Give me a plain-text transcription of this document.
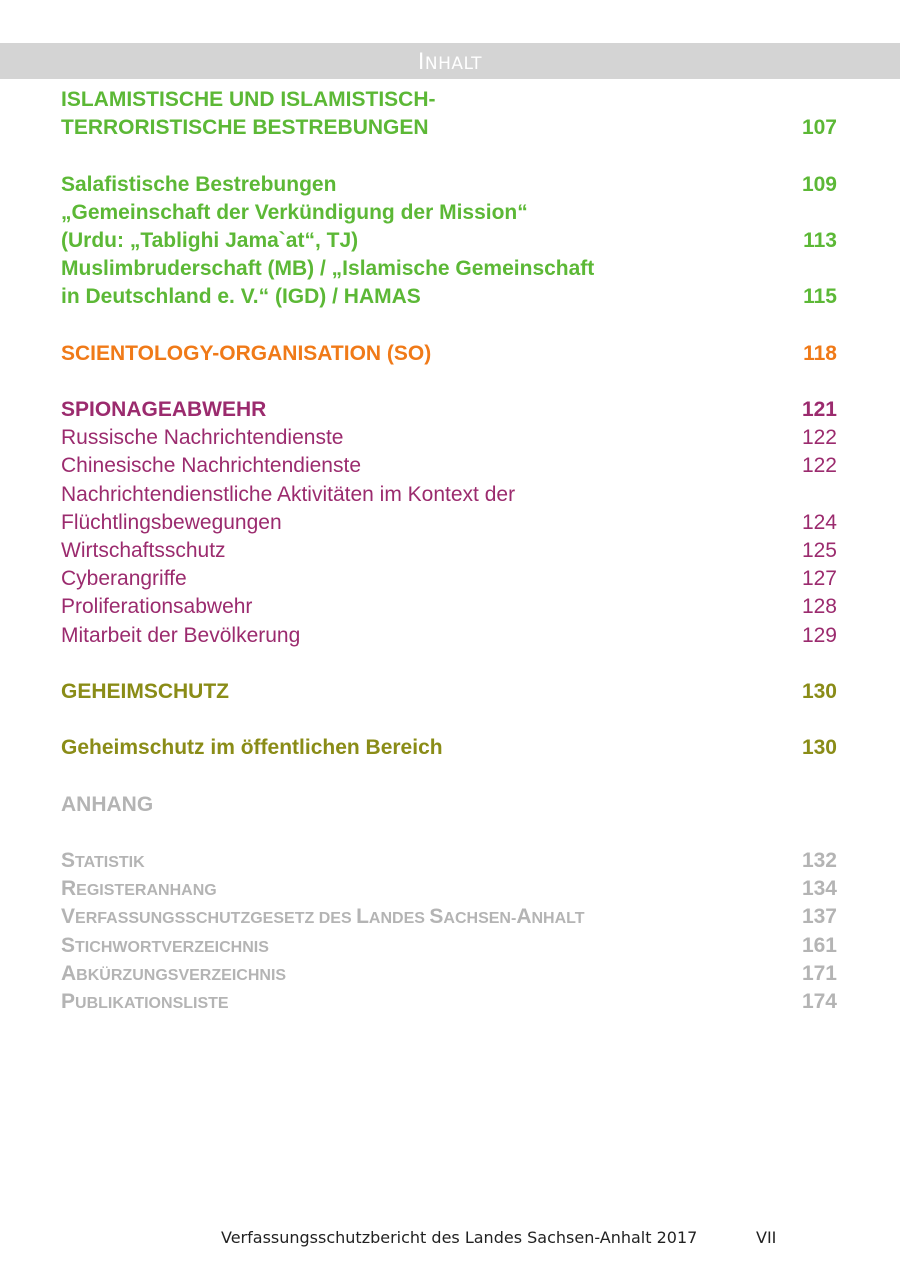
INHALT
ISLAMISTISCHE UND ISLAMISTISCH-
TERRORISTISCHE BESTREBUNGEN	107
Salafistische Bestrebungen	109
„Gemeinschaft der Verkündigung der Mission“
(Urdu: „Tablighi Jama`at“, TJ)	113
Muslimbruderschaft (MB) / „Islamische Gemeinschaft
in Deutschland e. V.“ (IGD) / HAMAS	115
SCIENTOLOGY-ORGANISATION (SO)	118
SPIONAGEABWEHR	121
Russische Nachrichtendienste	122
Chinesische Nachrichtendienste	122
Nachrichtendienstliche Aktivitäten im Kontext der
Flüchtlingsbewegungen	124
Wirtschaftsschutz	125
Cyberangriffe	127
Proliferationsabwehr	128
Mitarbeit der Bevölkerung	129
GEHEIMSCHUTZ	130
Geheimschutz im öffentlichen Bereich	130
ANHANG
STATISTIK	132
REGISTERANHANG	134
VERFASSUNGSSCHUTZGESETZ DES LANDES SACHSEN-ANHALT	137
STICHWORTVERZEICHNIS	161
ABKÜRZUNGSVERZEICHNIS	171
PUBLIKATIONSLISTE	174
Verfassungsschutzbericht des Landes Sachsen-Anhalt 2017	VII
